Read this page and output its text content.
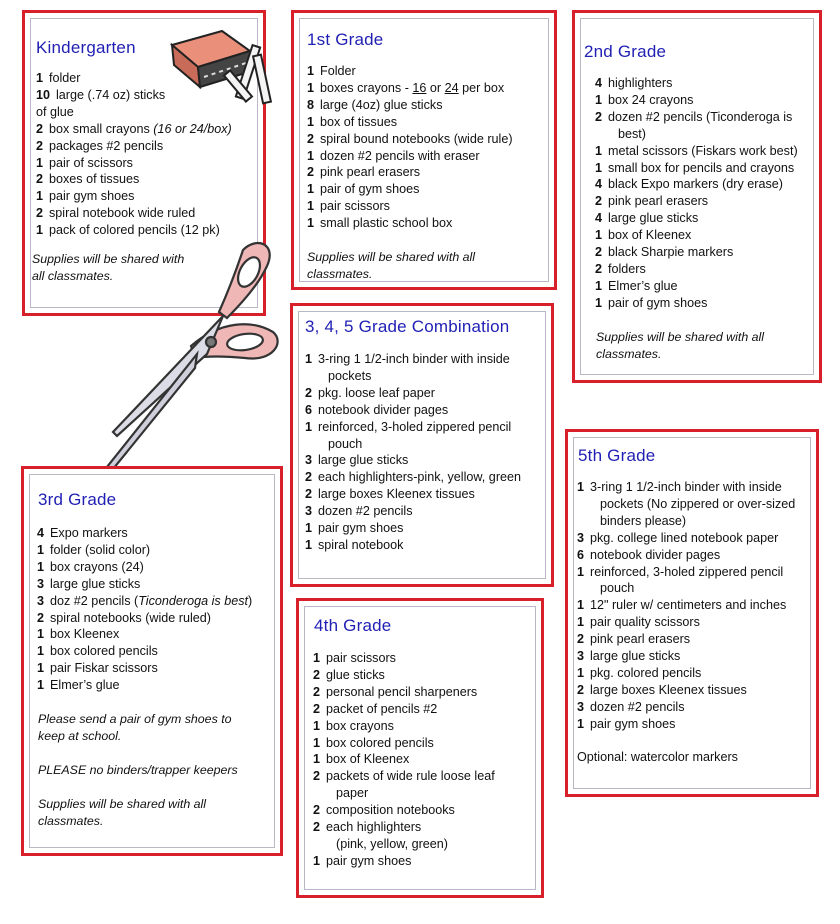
Kindergarten
1 folder
10 large (.74 oz) sticks
of glue
2 box small crayons (16 or 24/box)
2 packages #2 pencils
1 pair of scissors
2 boxes of tissues
1 pair gym shoes
2 spiral notebook wide ruled
1 pack of colored pencils (12 pk)

Supplies will be shared with
all classmates.

1st Grade
1 Folder
1 boxes crayons - 16 or 24 per box
8 large (4oz) glue sticks
1 box of tissues
2 spiral bound notebooks (wide rule)
1 dozen #2 pencils with eraser
2 pink pearl erasers
1 pair of gym shoes
1 pair scissors
1 small plastic school box

Supplies will be shared with all
classmates.

2nd Grade
4 highlighters
1 box 24 crayons
2 dozen #2 pencils (Ticonderoga is
best)
1 metal scissors (Fiskars work best)
1 small box for pencils and crayons
4 black Expo markers (dry erase)
2 pink pearl erasers
4 large glue sticks
1 box of Kleenex
2 black Sharpie markers
2 folders
1 Elmer’s glue
1 pair of gym shoes

Supplies will be shared with all
classmates.

3, 4, 5 Grade Combination
1 3-ring 1 1/2-inch binder with inside
pockets
2 pkg. loose leaf paper
6 notebook divider pages
1 reinforced, 3-holed zippered pencil
pouch
3 large glue sticks
2 each highlighters-pink, yellow, green
2 large boxes Kleenex tissues
3 dozen #2 pencils
1 pair gym shoes
1 spiral notebook
3rd Grade
4 Expo markers
1 folder (solid color)
1 box crayons (24)
3 large glue sticks
3 doz #2 pencils (Ticonderoga is best)
2 spiral notebooks (wide ruled)
1 box Kleenex
1 box colored pencils
1 pair Fiskar scissors
1 Elmer’s glue

Please send a pair of gym shoes to
keep at school.

PLEASE no binders/trapper keepers

Supplies will be shared with all
classmates.

4th Grade
1 pair scissors
2 glue sticks
2 personal pencil sharpeners
2 packet of pencils #2
1 box crayons
1 box colored pencils
1 box of Kleenex
2 packets of wide rule loose leaf
paper
2 composition notebooks
2 each highlighters
(pink, yellow, green)
1 pair gym shoes
5th Grade
1 3-ring 1 1/2-inch binder with inside
pockets (No zippered or over-sized
binders please)
3 pkg. college lined notebook paper
6 notebook divider pages
1 reinforced, 3-holed zippered pencil
pouch
1 12" ruler w/ centimeters and inches
1 pair quality scissors
2 pink pearl erasers
3 large glue sticks
1 pkg. colored pencils
2 large boxes Kleenex tissues
3 dozen #2 pencils
1 pair gym shoes

Optional: watercolor markers
